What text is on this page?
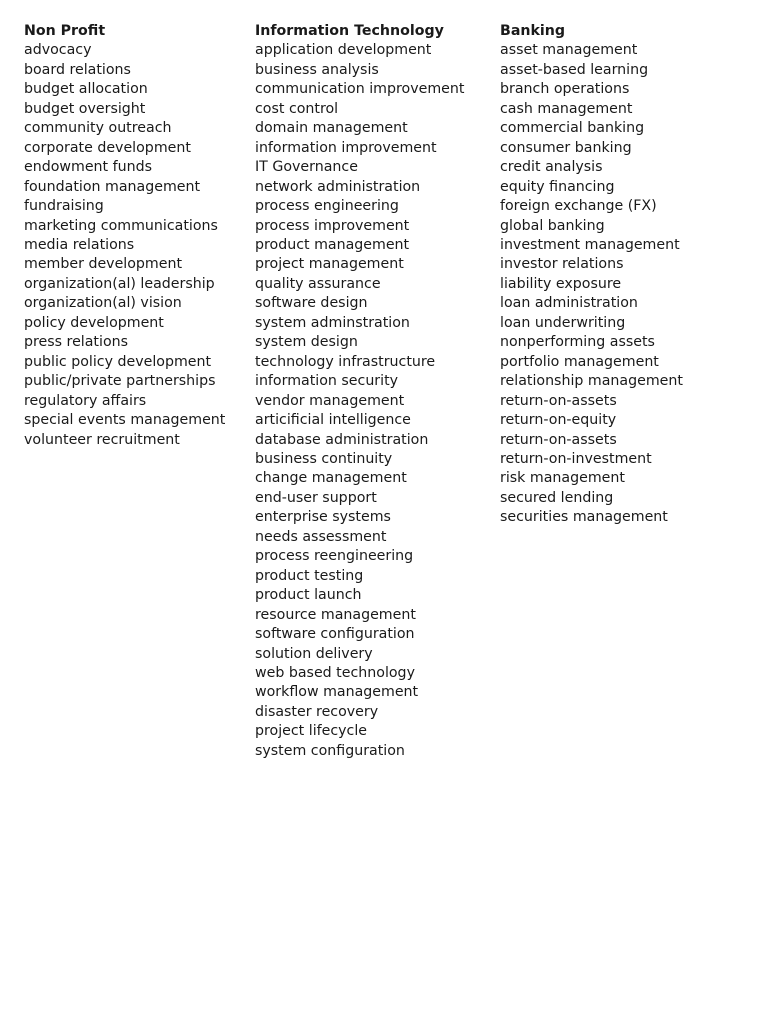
Non Profit
advocacy
board relations
budget allocation
budget oversight
community outreach
corporate development
endowment funds
foundation management
fundraising
marketing communications
media relations
member development
organization(al) leadership
organization(al) vision
policy development
press relations
public policy development
public/private partnerships
regulatory affairs
special events management
volunteer recruitment
Information Technology
application development
business analysis
communication improvement
cost control
domain management
information improvement
IT Governance
network administration
process engineering
process improvement
product management
project management
quality assurance
software design
system adminstration
system design
technology infrastructure
information security
vendor management
articificial intelligence
database administration
business continuity
change management
end-user support
enterprise systems
needs assessment
process reengineering
product testing
product launch
resource management
software configuration
solution delivery
web based technology
workflow management
disaster recovery
project lifecycle
system configuration
Banking
asset management
asset-based learning
branch operations
cash management
commercial banking
consumer banking
credit analysis
equity financing
foreign exchange (FX)
global banking
investment management
investor relations
liability exposure
loan administration
loan underwriting
nonperforming assets
portfolio management
relationship management
return-on-assets
return-on-equity
return-on-assets
return-on-investment
risk management
secured lending
securities management
